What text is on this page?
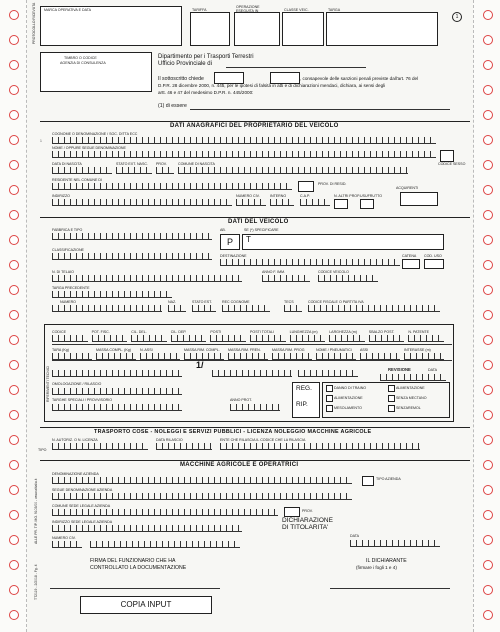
MARCA OPERATIVA E DATA
PROTOCOLLO RICEVUTA	TARIFFA
OPERAZIONE ESEGUITA IN	CLASSE VEIC.	TARGA
1
TIMBRO O CODICE
AGENZIA DI CONSULENZA
Dipartimento per i Trasporti Terrestri
Ufficio Provinciale di
Il sottoscritto chiede	, consapevole delle sanzioni penali previste dall'art. 76 del
D.P.R. 28 dicembre 2000, n. 445, per le ipotesi di falsità in atti e di dichiarazioni mendaci, dichiara, ai sensi degli
artt. 46 e 47 del medesimo D.P.R. n. 445/2000:
(1) di essere
DATI ANAGRAFICI DEL PROPRIETARIO DEL VEICOLO
COGNOME O DENOMINAZIONE / SOC. DITTA ECC
1
NOME / OPPURE SEGUE DENOMINAZIONE
CODICE SESSO
DATA DI NASCITA	STATO EXT. NASC. PROV.	COMUNE DI NASCITA
RESIDENTE NEL COMUNE DI
PROV. DI RESID.
ACQUIRENTI
INDIRIZZO	NUMERO CIV.	INTERNO	C.A.P.	N. ALTRI PROP. USUFRUTTO
DATI DEL VEICOLO
FABBRICA E TIPO	AB.	SE (*) SPECIFICARE
P	T
CLASSIFICAZIONE
DESTINAZIONE	CATENA COD. USO
N. DI TELAIO	ANNO F. IMM.	CODICE VEICOLO
TARGA PRECEDENTE
NUMERO	NAZ.	STATO EST.	REC COGNOME	TECS	CODICE FISCALE O PARTITA IVA
RIFERIMENTI TECNICI
CODICE	POT. FISC.	CIL. DEL.	CIL. DEP.	POSTI	POSTI TOTALI	LUNGHEZZA (m)	LARGHEZZA (m)	SBALZO POST.	N. PATENTE
TARA (Kg)	MASSA COMPL. (Kg)	N. ASSI	MASSA RIM. COMPL. MASSA RIM. FREN.	MASSA RIM. PROG	NOME / PNEUMATICI ASSI	INTERASSE (m)
1/	REVISIONE	DATA
OMOLOGAZIONE / RILASCIO
TARGHE SPECIALI / PROVVISORIO	ANNO PROT.
REG.
RIP.
DANNO DI TRAINO	ALIMENTAZIONE
ALIMENTAZIONE	SENZA MECTANO
MESOLAMENTO	SENZAREMOL
TRASPORTO COSE - NOLEGGI E SERVIZI PUBBLICI - LICENZA NOLEGGIO MACCHINE AGRICOLE
N. AUTORIZ. O N. LICENZA	DATA RILASCIO	ENTE CHE RILASCIA IL CODICE CHE LA RILASCIA
TIPO
MACCHINE AGRICOLE E OPERATRICI
DENOMINAZIONE AZIENDA
TIPO AZIENDA
SEGUE DENOMINAZIONE AZIENDA
COMUNE SEDE LEGALE AZIENDA
PROV.
INDIRIZZO SEDE LEGALE AZIENDA	DICHIARAZIONE
DI TITOLARITA'
NUMERO CIV.	DATA
FIRMA DEL FUNZIONARIO CHE HA
CONTROLLATO LA DOCUMENTAZIONE
IL DICHIARANTE
(firmare i fogli 1 e 4)
COPIA INPUT
TT2119 - 2/2018 - Fg. 4
ALLE PR. TIP. MO. 9103/00 - www.alitalia.it
